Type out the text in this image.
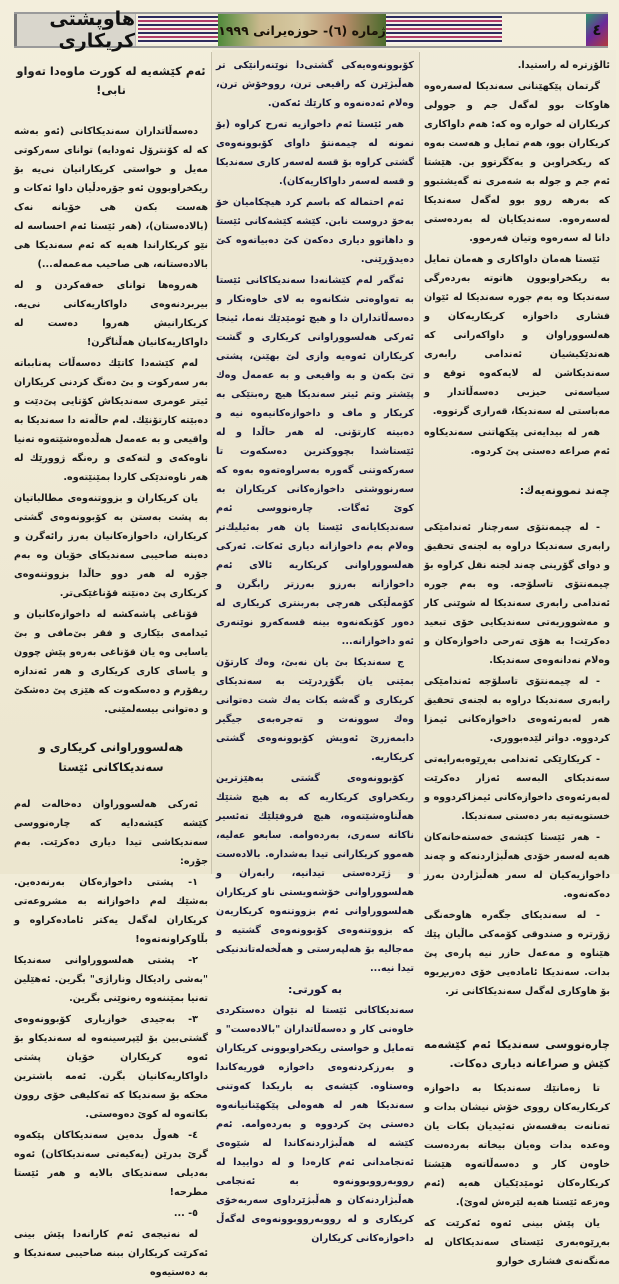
هاوپشتی کریکاری	ژماره (٦)- حوزه‌یرانی ١٩٩٩	٤

ئالۆزتره له راستیدا.

گرتمان پێکهێنانی سەندیکا له‌سەرەوه هاوکات بوو له‌گه‌ل جم و جوولی کریکاران له خواره وه که: هه‌م داواکاری کریکاران بوو، هه‌م تمایل و هه‌ست به‌وه که ریکخراوبن و یه‌کگرتوو بن. هێشتا ئه‌م جم و جوله به شه‌مری نه گه‌یشتبوو که به‌رهه روو بوو له‌گه‌ل سه‌ندیکا له‌سه‌ره‌وه. سه‌ندیکایان له به‌رده‌ستی دانا له سه‌ره‌وه وتیان فه‌رموو.

ئێستا هه‌مان داواکاری و هه‌مان تمایل به ریکخراوبوون هاتوته به‌رده‌رگی سه‌ندیکا وه به‌م جوره سه‌ندیکا له ئێوان فشاری داخوازه کریکاریه‌کان و هه‌لسووراوان و داواکه‌رانی که هه‌ندێکیشیان ئه‌ندامی رابه‌ری سه‌ندیکاشن له لایه‌که‌وه توقع و سیاسه‌تی حیزبی ده‌سه‌ڵاتدار و مه‌باستی له سه‌ندیکا، قه‌راری گرتووه.

هه‌ر له بیدایه‌تی پێکهاتنی سه‌ندیکاوه ئه‌م صراعه ده‌ستی پێ کردوه.

چه‌ند نموونه‌یه‌ك:

- له چیمه‌نتۆی سه‌رچنار ئه‌ندامێکی رابه‌ری سه‌ندیکا دراوه به لجنه‌ی تحقیق و دوای گۆرینی چه‌ند لجنه نقل کراوه بۆ چیمه‌نتۆی تاسلۆجه. وه به‌م جوره ئه‌ندامی رابه‌ری سه‌ندیکا له شوێنی کار و مه‌شووریه‌تی سه‌ندیکایی خۆی تبعید ده‌کرێت! به هۆی ته‌رحی داخوازه‌کان و وه‌لام نه‌دانه‌وه‌ی سه‌ندیکا.

- له چیمه‌نتۆی تاسلۆجه ئه‌ندامێکی رابه‌ری سه‌ندیکا دراوه به لجنه‌ی تحقیق هه‌ر له‌به‌رئه‌وه‌ی داخوازه‌کانی ئیمزا کردووه. دواتر لێده‌بووری.

- کریکارێکی ئه‌ندامی به‌ڕێوه‌به‌رایه‌تی سه‌ندیکای البه‌سه ئه‌زار ده‌کرێت له‌به‌رئه‌وه‌ی داخوازه‌کانی ئیمزاکردووه و خستویه‌تیه به‌ر ده‌ستی سه‌ندیکا.

- هه‌ر ئێستا کێشه‌ی خه‌سته‌خانه‌کان هه‌یه له‌سه‌ر خۆدی هه‌ڵبژاردنه‌که و چه‌ند داخوازیه‌کیان له سه‌ر هه‌ڵبژاردن به‌رز ده‌که‌نه‌وه.

- له سه‌ندیکای جگه‌ره هاوخه‌نگی زۆرتره و صندوقی کۆمه‌کی ماڵیان پێك هێناوه و مه‌عه‌ل حازر نیه پاره‌ی پێ بدات. سه‌ندیکا ئاماده‌یی خۆی ده‌ربڕیوه بۆ هاوکاری له‌گه‌ل سه‌ندیکاکانی تر.

چاره‌نووسی سه‌ندیکا ئه‌م کێشه‌مه کێش و صراعانه دیاری ده‌کات.

تا زه‌مانێك سه‌ندیکا به داخوازه کریکاریه‌کان رووی خۆش نیشان بدات و ته‌نانه‌ت به‌قسه‌ش ته‌ئیدیان بکات یان وه‌عده بدات وه‌یان بیخاته به‌رده‌ست خاوه‌ن کار و ده‌سه‌ڵاته‌وه هێشتا کریکاره‌کان ئومێدێکیان هه‌یه (ئه‌م وه‌زعه ئێستا هه‌یه لێره‌ش له‌وێ).

یان پێش بینی ئه‌وه ئه‌کرێت که به‌ڕێوه‌به‌ری ئێستای سه‌ندیکاکان له مه‌نگه‌نه‌ی فشاری خوارو

کۆبوونه‌وه‌یه‌کی گشتی‌دا نوێنه‌رانێکی تر هه‌ڵبژێرن که راقیعی ترن، رووخۆش ترن، وه‌لام ئه‌ده‌نه‌وه و کارێك ئه‌که‌ن.

هه‌ر ئێستا ئه‌م داخوازیه ته‌رح کراوه (بۆ نمونه له چیمه‌نتۆ داوای کۆبوونه‌وه‌ی گشتی کراوه بۆ قسه له‌سه‌ر کاری سه‌ندیکا و قسه له‌سه‌ر داواکاریه‌کان).

ئه‌م احتماله‌ که باسم کرد هیچکامیان خۆ به‌خۆ دروست نابن. کێشه کێشه‌کانی ئێستا و داهاتوو دیاری ده‌که‌ن کێ ده‌بیاته‌وه کێ ده‌یدۆڕێنی.

ئه‌گه‌ر له‌م کێشانه‌دا سه‌ندیکاکانی ئێستا به ته‌واوه‌تی شکانه‌وه به لای خاوه‌نکار و ده‌سه‌ڵاتداران دا و هیچ ئومێدێك نه‌ما، ئینجا ئه‌رکی هه‌لسووراوانی کریکاری و گشت کریکاران ئه‌وه‌یه وازی لێ بهێنن، پشتی تێ بکه‌ن و به واقیعی و به عه‌مه‌ل وه‌ك پێشتر وتم ئیتر سه‌ندیکا هیچ ره‌بتێکی به کریکار و ماف و داخوازه‌کانیه‌وه نیه و ده‌بیته کارتۆنی. له هه‌ر حاڵدا و له ئێستاشدا بچووکترین ده‌سکه‌وت تا سه‌رکه‌وتنی گه‌وره به‌سراوه‌ته‌وه به‌وه که سه‌رنووشتی داخوازه‌کانی کریکاران به کوێ ئه‌گات. چاره‌نووسی ئه‌م سه‌ندیکایانه‌ی ئێستا یان هه‌ر به‌ئیلیك‌تر وه‌لام به‌م داخوازانه دیاری ئه‌کات. ئه‌رکی هه‌لسووراوانی کریکاریه ئالای ئه‌م داخوازانه به‌رزو به‌رزتر رابگرن و کۆمه‌ڵێکی هه‌رچی به‌ربنتری کریکاری له ده‌ور کۆبکه‌نه‌وه بینه قسه‌که‌رو نوێنه‌ری ئه‌و داخوازانه...

ج سه‌ندیکا بێ یان نه‌بێ، وه‌ك کارتۆن بمێنی یان بگۆڕدرێت به سه‌ندیکای کریکاری و گه‌شه بکات یه‌ك شت ده‌توانی وه‌ك سوونه‌ت و ته‌جره‌به‌ی جیگیر دابمه‌زرێ ئه‌ویش کۆبوونه‌وه‌ی گشتی کریکاریه.

کۆبوونه‌وه‌ی گشتی به‌هێزترین ریکخراوی کریکاریه که به هیچ شتێك هه‌ڵناوه‌شێته‌وه، هیچ فروفێلێك ته‌ئسیر ناکاته سه‌ری، به‌رده‌وامه. سابعو عه‌لیه‌، هه‌موو کریکارانی تیدا به‌شداره. بالاده‌ست و ژێرده‌ستی تیدانیه، رابه‌ران و هه‌لسووراوانی خۆشه‌ویستی ناو کریکاران هه‌لسووراوانی ئه‌م بزووتنه‌وه کریکاریه‌ن که بزووتنه‌وه‌ی کۆبوونه‌وه‌ی گشتیه و مه‌جالیه بۆ هه‌لپه‌رستی و هه‌ڵخه‌له‌تاندنیکی تیدا نیه...

به کورتی:

سه‌ندیکاکانی ئێستا له نێوان ده‌ستکردی خاوه‌نی کار و ده‌سه‌ڵاتداران "بالاده‌ست" و ته‌مایل و خواستی ریکخراوبوونی کریکاران و به‌رزکردنه‌وه‌ی داخوازه فوریه‌کاندا وه‌ستاوه. کێشه‌ی به باریکدا که‌وتنی سه‌ندیکا هه‌ر له هه‌وه‌لی پێکهێنانیانه‌وه ده‌ستی پێ کردووه و به‌رده‌وامه. ئه‌م کێشه له هه‌ڵبژاردنه‌کاندا له شێوه‌ی ئه‌نجامدانی ئه‌م کاره‌دا و له دواییدا له رووبه‌رووبوونه‌وه به ئه‌نجامی هه‌ڵبژاردنه‌کان و هه‌ڵبژێرداوی سه‌ربه‌خۆی کریکاری و له رووبه‌رووبوونه‌وه‌ی له‌گه‌ڵ داخوازه‌کانی کریکاران

ئه‌م کێشه‌یه له کورت ماوه‌دا ته‌واو نابی!

ده‌سه‌ڵاتداران سه‌ندیکاکانی (ئه‌و به‌شه که له کۆنترۆل ئه‌ودایه) توانای سه‌رکوتی مه‌یل و خواستی کریکارانیان نی‌یه بۆ ریکخراوبوون ئه‌و جۆره‌دڵیان داوا ئه‌کات و هه‌ست بکه‌ن هی خۆیانه نه‌ک (بالاده‌ستان)، (هه‌ر ئێستا ئه‌م احساسه له نێو کریکاراندا هه‌یه که ئه‌م سه‌ندیکا هی بالاده‌ستانه، هی صاحیب مه‌عمه‌له...)

هه‌روه‌ها توانای خه‌فه‌کردن و له بیربردنه‌وه‌ی داواکاریه‌کانی نی‌یه. کریکارانیش هه‌روا ده‌ست له داواکاریه‌کانیان هه‌ڵناگرن!

له‌م کێشه‌دا کاتێك ده‌سه‌ڵات په‌نابباته به‌ر سه‌رکوت و بێ ده‌نگ کردنی کریکاران ئیتر عومری سه‌ندیکاش کۆتایی پێ‌دێت و ده‌بێته کارتۆنێك. له‌م حاڵه‌ته دا سه‌ندیکا به واقیعی و به عه‌مه‌ل هه‌ڵده‌وه‌شێته‌وه ته‌نیا ناوه‌که‌ی و لته‌که‌ی و ره‌نگه ژوورێك له هه‌ر ناوه‌ندێکی کاردا بمێنێته‌وه.

یان کریکاران و بزووتنه‌وه‌ی مطالباتیان به پشت به‌ستن به کۆبوونه‌وه‌ی گشتی کریکاران، داخوازه‌کانیان به‌رز رائه‌گرن و ده‌بنه صاحیبی سه‌ندیکای خۆیان وه به‌م جۆره له هه‌ر دوو حاڵدا بزووتنه‌وه‌ی کریکاری پێ ده‌نێته قۆناغێکی‌تر.

قۆناغی پاشه‌کشه له داخوازه‌کانیان و ئیدامه‌ی بێکاری و فقر بێ‌مافی و بێ یاسایی وه یان قۆناغی به‌ره‌و پێش چوون و یاسای کاری کریکاری و هه‌ر ئه‌ندازه ریفۆرم و ده‌سکه‌وت که هێزی پێ ده‌شکێ و ده‌توانی بیسه‌لمێنی.

هه‌لسووراوانی کریکاری و سه‌ندیکاکانی ئێستا

ئه‌رکی هه‌لسووراوان ده‌خاله‌ت له‌م کێشه‌ کێشه‌دایه که چاره‌نووسی سه‌ندیکاشی تیدا دیاری ده‌کرێت. به‌م جۆره:

١- پشتی داخوازه‌کان به‌رنه‌ده‌ین. به‌شێك له‌م داخوازانه به مشروعه‌تی کریکاران له‌گه‌ل یه‌کتر ئاماده‌کراوه و بڵاوکراونه‌ته‌وه!

٢- پشتی هه‌لسووراوانی سه‌ندیکا "به‌شی رادیکال وناراژی" بگرین. ئه‌هێلین ته‌نیا بمێننه‌وه ره‌نوێنی بگرین.

٣- به‌جیدی خوازیاری کۆبوونه‌وه‌ی گشتی‌بین بۆ لێپرسینه‌وه له سه‌ندیکاو بۆ ئه‌وه کریکاران خۆیان پشتی داواکاریه‌کانیان بگرن. ئه‌مه باشترین محکه بۆ سه‌ندیکا که ته‌کلیفی خۆی روون بکاته‌وه له کوێ ده‌وه‌ستی.

٤- هه‌وڵ بده‌ین سه‌ندیکاکان پێکه‌وه گرێ بدرێن (یه‌کیه‌تی سه‌ندیکاکان) ئه‌وه به‌دیلی سه‌ندیکای بالایه و هه‌ر ئێستا مطرحه!

٥- ...

له نه‌تیجه‌ی ئه‌م کارانه‌دا پێش بینی ئه‌کرێت کریکاران ببنه صاحیبی سه‌ندیکا و به ده‌ستیه‌وه
